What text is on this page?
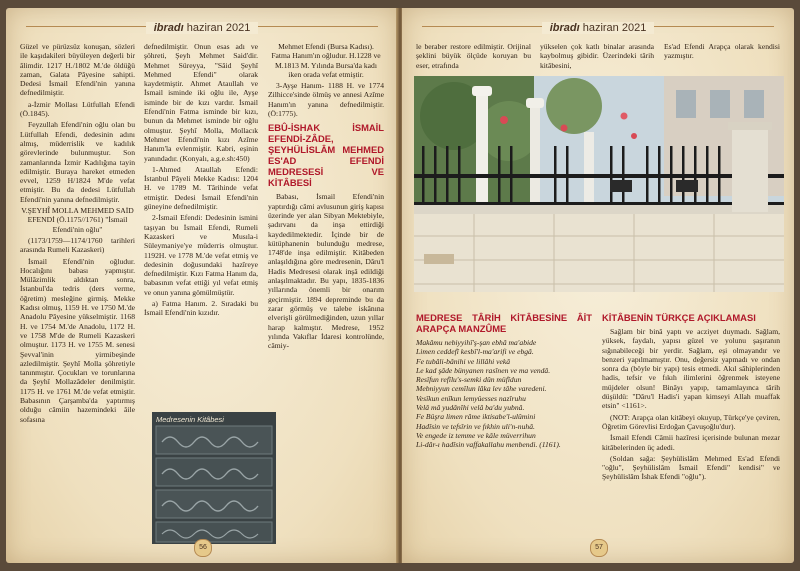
ibradı haziran 2021

Güzel ve pürüzsüz konuşan, sözleri ile kaşıdakileri büyüleyen değerli bir âlimdir. 1217 H./1802 M.'de öldüğü zaman, Galata Pâyesine sahipti. Dedesi İsmail Efendi'nin yanına defnedilmiştir.

a-İzmir Mollası Lütfullah Efendi (Ö.1845).

Feyzullah Efendi'nin oğlu olan bu Lütfullah Efendi, dedesinin adını almış, müderrislik ve kadılık görevlerinde bulunmuştur. Son zamanlarında İzmir Kadılığına tayin edilmiştir. Buraya hareket etmeden evvel, 1259 H/1824 M'de vefat etmiştir. Bu da dedesi Lütfullah Efendi'nin yanına defnedilmiştir.

V.ŞEYHÎ MOLLA MEHMED SAİD EFENDİ (Ö.1175//1761) "İsmail Efendi'nin oğlu"

(1173/1759—1174/1760 tarihleri arasında Rumeli Kazaskeri)

İsmail Efendi'nin oğludur. Hocalığını babası yapmıştır. Mülâzimlik aldıktan sonra, İstanbul'da tedris (ders verme, öğretim) mesleğine girmiş. Mekke Kadısı olmuş, 1159 H. ve 1750 M.'de Anadolu Pâyesine yükselmiştir. 1168 H. ve 1754 M.'de Anadolu, 1172 H. ve 1758 M'de de Rumeli Kazaskeri olmuştur. 1173 H. ve 1755 M. senesi Şevval'inin yirmibeşinde azledilmiştir. Şeyhî Molla şöhretiyle tanınmıştır. Çocukları ve torunlarına da Şeyhî Mollazâdeler denilmiştir. 1175 H. ve 1761 M.'de vefat etmiştir. Babasının Çarşamba'da yaptırmış olduğu câmiin hazemindeki âile sofasına

defnedilmiştir. Onun esas adı ve şöhreti, Şeyh Mehmet Said'dir. Mehmet Süreyya, "Sâid Şeyhî Mehmed Efendi" olarak kaydetmiştir. Ahmet Ataullah ve İsmail isminde iki oğlu ile, Ayşe isminde bir de kızı vardır. İsmail Efendi'nin Fatma isminde bir kızı, bunun da Mehmet isminde bir oğlu olmuştur. Şeyhî Molla, Mollacık Mehmet Efendi'nin kızı Azîme Hanım'la evlenmiştir. Kabri, eşinin yanındadır. (Konyalı, a.g.e.sh:450)

1-Ahmed Ataullah Efendi: İstanbul Pâyeli Mekke Kadısı: 1204 H. ve 1789 M. Târihinde vefat etmiştir. Dedesi İsmail Efendi'nin güneyine defnedilmiştir.

2-İsmail Efendi: Dedesinin ismini taşıyan bu İsmail Efendi, Rumeli Kazaskeri ve Musıla-i Süleymaniye'ye müderris olmuştur. 1192H. ve 1778 M.'de vefat etmiş ve dedesinin doğusundaki hazîreye defnedilmiştir. Kızı Fatma Hanım da, babasının vefat ettiği yıl vefat etmiş ve onun yanına gömülmüştür.

a) Fatma Hanım. 2. Sıradaki bu İsmail Efendi'nin kızıdır.

Mehmet Efendi (Bursa Kadısı). Fatma Hanım'ın oğludur. H.1228 ve M.1813 M. Yılında Bursa'da kadı iken orada vefat etmiştir.

3-Ayşe Hanım- 1188 H. ve 1774 Zilhicce'sinde ölmüş ve annesi Azîme Hanım'ın yanına defnedilmiştir. (Ö:1775).

EBÛ-İSHAK İSMAİL EFENDİ-ZÂDE, ŞEYHÜLİSLÂM MEHMED ES'AD EFENDİ MEDRESESİ VE KİTÂBESİ

Babası, İsmail Efendi'nin yaptırdığı câmi avlusunun giriş kapısı üzerinde yer alan Sibyan Mektebiyle, şadırvanı da inşa ettirdiği kaydedilmektedir. İçinde bir de kütüphanenin bulunduğu medrese, 1748'de inşa edilmiştir. Kitâbeden anlaşıldığına göre medresenin, Dâru'l Hadis Medresesi olarak inşâ edildiği anlaşılmaktadır. Bu yapı, 1835-1836 yıllarında önemli bir onarım geçirmiştir. 1894 depreminde bu da zarar görmüş ve talebe iskânına elverişli görülmediğinden, uzun yıllar harap kalmıştır. Medrese, 1952 yılında Vakıflar İdaresi kontrolünde, câmiy-

Medresenin Kitâbesi
56
ibradı haziran 2021

le beraber restore edilmiştir. Orijinal şeklini büyük ölçüde koruyan bu eser, etrafında

yükselen çok katlı binalar arasında kaybolmuş gibidir. Üzerindeki târih kitâbesini,

Es'ad Efendi Arapça olarak kendisi yazmıştır.

MEDRESE TÂRİH KİTÂBESİNE ÂİT ARAPÇA MANZÛME

Makâmu nebiyyihî'ş-şan ebhâ ma'abide

Limen ceddefî kesbî'l-ma'arifi ve ebgâ.

Fe tubâli-bânihi ve lillâhi vekâ

Le kad şâde bünyanen rasînen ve ma vendâ.

Resîfun refîlu's-semki dûn müfîdun

Mebniyyun cemîlun lâka lev tâhe varedeni.

Vesîkun enîkun lemyüesses nazîruhu

Velâ mâ yudânîhi velâ ba'du yubnâ.

Fe Büşra limen râme iktisabe'l-ulûmini

Hadîsin ve tefsîrin ve fıkhin uli'n-nuhâ.

Ve engede iz temme ve kâle müverrihun

Li-dâr-ı hadîsin vaffakallahu menbendi. (1161).

KİTÂBENİN TÜRKÇE AÇIKLAMASI

Sağlam bir binâ yaptı ve acziyet duymadı. Sağlam, yüksek, faydalı, yapısı güzel ve yolunu şaşıranın sığınabileceği bir yerdir. Sağlam, eşi olmayandır ve benzeri yapılmamıştır. Onu, değersiz yapmadı ve ondan sonra da (böyle bir yapı) tesis etmedi. Akıl sâhiplerinden hadis, tefsir ve fıkıh ilimlerini öğrenmek isteyene müjdeler olsun! Binâyı yapıp, tamamlayınca târih düşüldü: "Dâru'l Hadis'i yapan kimseyi Allah muaffak etsin" <1161>.

(NOT: Arapça olan kitâbeyi okuyup, Türkçe'ye çeviren, Öğretim Görevlisi Erdoğan Çavuşoğlu'dur).

İsmail Efendi Câmii hazîresi içerisinde bulunan mezar kitâbelerinden üç adedi.

(Soldan sağa: Şeyhülislâm Mehmed Es'ad Efendi "oğlu", Şeyhülislâm İsmail Efendi" kendisi" ve Şeyhülislâm İshak Efendi "oğlu").

57
